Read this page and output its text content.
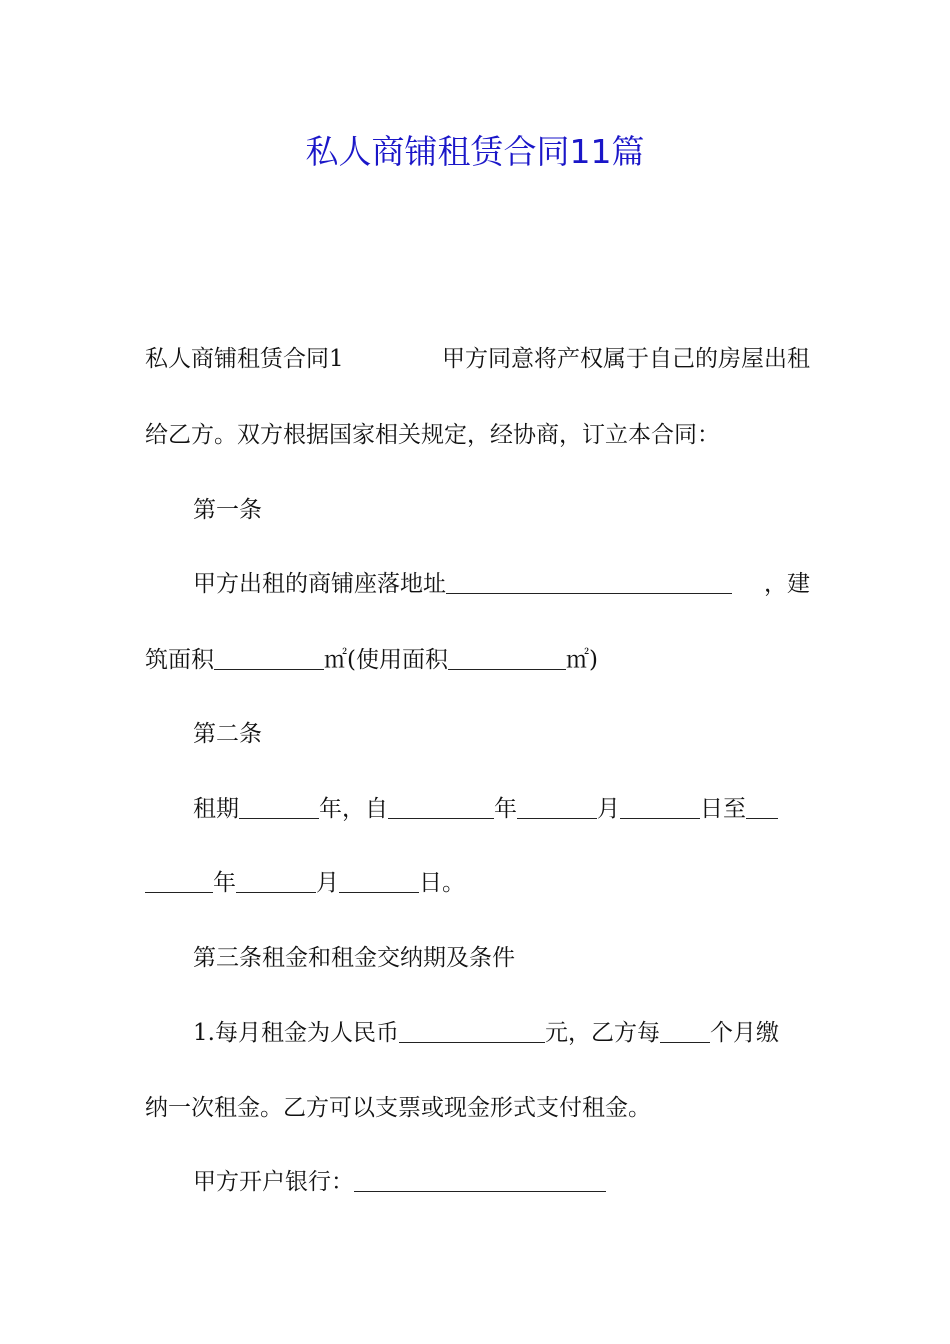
私人商铺租赁合同11篇
私人商铺租赁合同1	甲方同意将产权属于自己的房屋出租
给乙方。双方根据国家相关规定，经协商，订立本合同：
第一条
甲方出租的商铺座落地址	，建
筑面积	㎡(使用面积	㎡)
第二条
租期	年，自	年	月	日至
年	月	日。
第三条租金和租金交纳期及条件
1.每月租金为人民币	元，乙方每 个月缴
纳一次租金。乙方可以支票或现金形式支付租金。
甲方开户银行：
